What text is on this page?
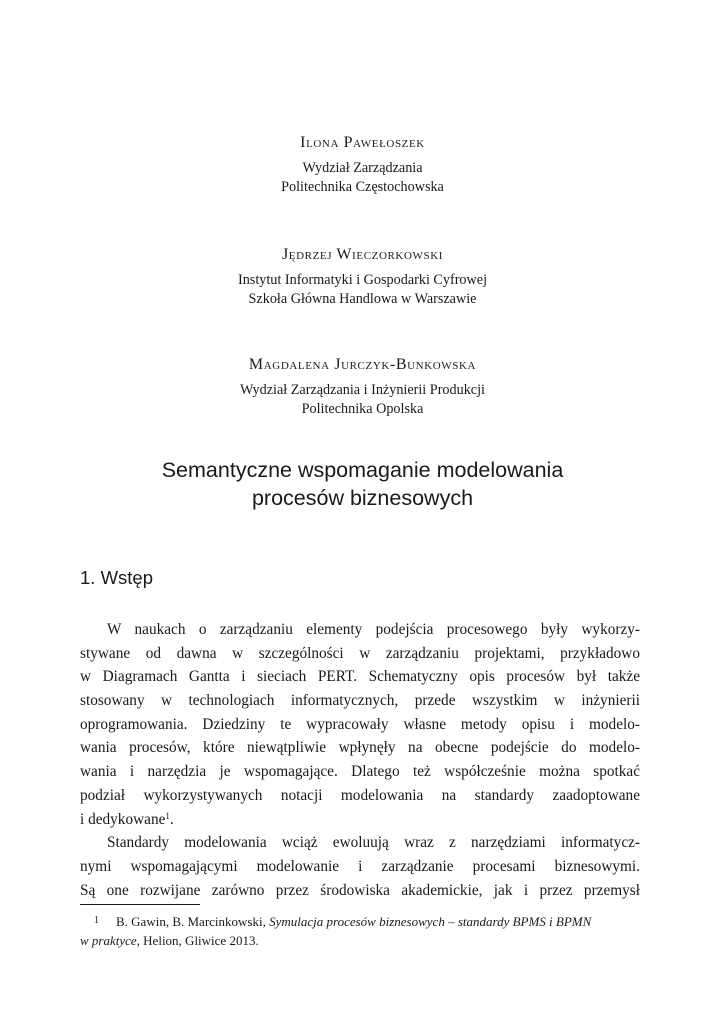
Ilona Pawełoszek
Wydział Zarządzania
Politechnika Częstochowska
Jędrzej Wieczorkowski
Instytut Informatyki i Gospodarki Cyfrowej
Szkoła Główna Handlowa w Warszawie
Magdalena Jurczyk-Bunkowska
Wydział Zarządzania i Inżynierii Produkcji
Politechnika Opolska
Semantyczne wspomaganie modelowania
procesów biznesowych
1. Wstęp
W naukach o zarządzaniu elementy podejścia procesowego były wykorzy-
stywane od dawna w szczególności w zarządzaniu projektami, przykładowo
w Diagramach Gantta i sieciach PERT. Schematyczny opis procesów był także
stosowany w technologiach informatycznych, przede wszystkim w inżynierii
oprogramowania. Dziedziny te wypracowały własne metody opisu i modelo-
wania procesów, które niewątpliwie wpłynęły na obecne podejście do modelo-
wania i narzędzia je wspomagające. Dlatego też współcześnie można spotkać
podział wykorzystywanych notacji modelowania na standardy zaadoptowane
i dedykowane$^1$.
Standardy modelowania wciąż ewoluują wraz z narzędziami informatycz-
nymi wspomagającymi modelowanie i zarządzanie procesami biznesowymi.
Są one rozwijane zarówno przez środowiska akademickie, jak i przez przemysł
1 B. Gawin, B. Marcinkowski, Symulacja procesów biznesowych – standardy BPMS i BPMN
w praktyce, Helion, Gliwice 2013.
